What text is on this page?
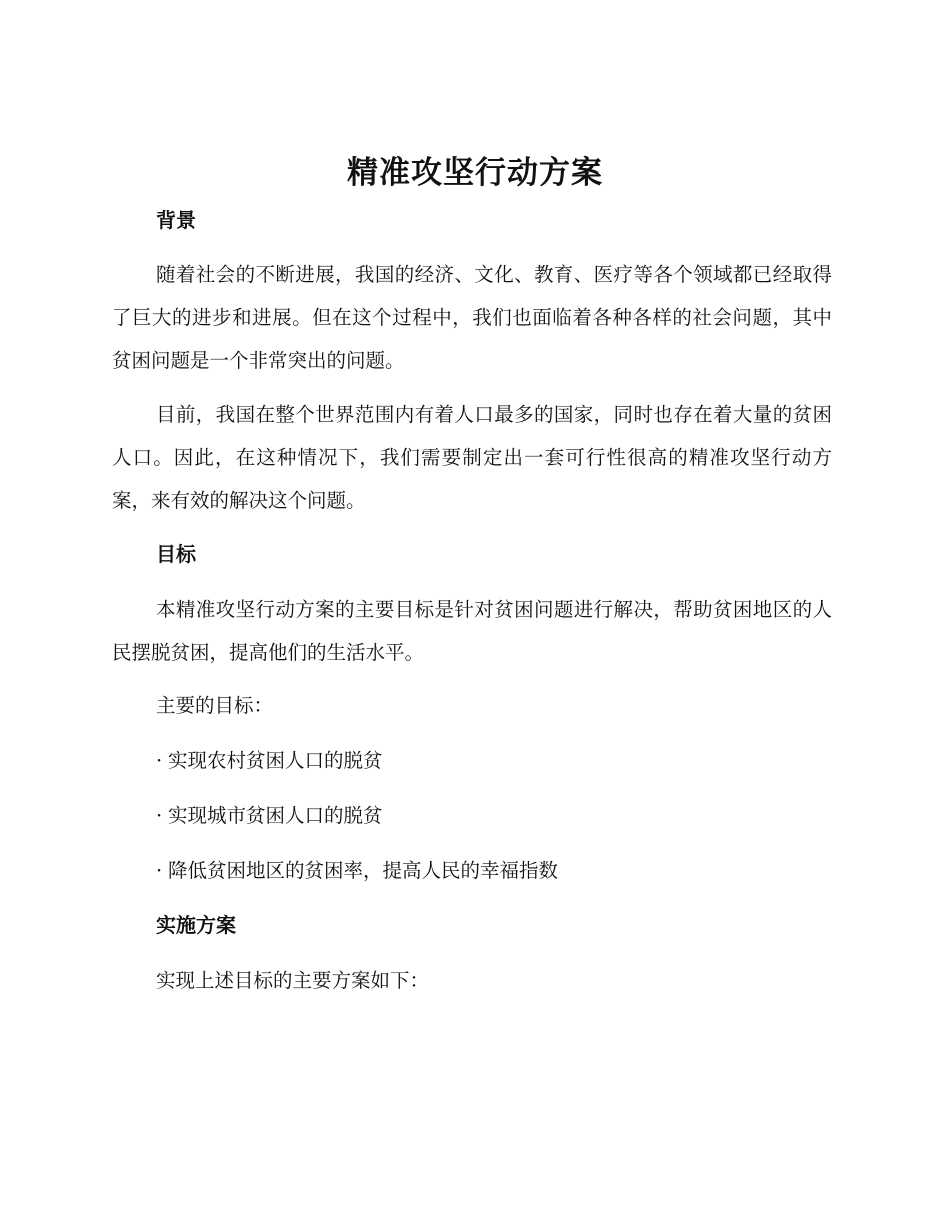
精准攻坚行动方案
背景

随着社会的不断进展，我国的经济、文化、教育、医疗等各个领域都已经取得了巨大的进步和进展。但在这个过程中，我们也面临着各种各样的社会问题，其中贫困问题是一个非常突出的问题。

目前，我国在整个世界范围内有着人口最多的国家，同时也存在着大量的贫困人口。因此，在这种情况下，我们需要制定出一套可行性很高的精准攻坚行动方案，来有效的解决这个问题。

目标

本精准攻坚行动方案的主要目标是针对贫困问题进行解决，帮助贫困地区的人民摆脱贫困，提高他们的生活水平。

主要的目标：

· 实现农村贫困人口的脱贫

· 实现城市贫困人口的脱贫

· 降低贫困地区的贫困率，提高人民的幸福指数

实施方案

实现上述目标的主要方案如下：
